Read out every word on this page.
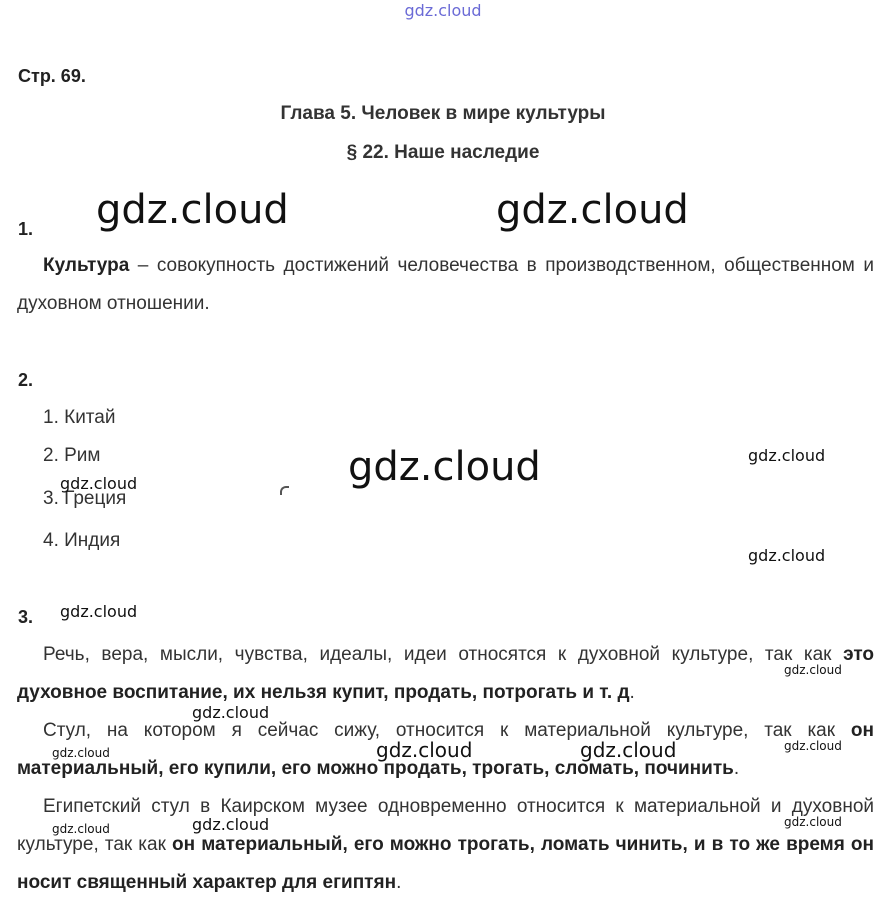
gdz.cloud
Стр. 69.
Глава 5. Человек в мире культуры
§ 22. Наше наследие
1.

Культура – совокупность достижений человечества в производственном, общественном и духовном отношении.

2.
1. Китай
2. Рим
3. Греция
4. Индия
3.

Речь, вера, мысли, чувства, идеалы, идеи относятся к духовной культуре, так как это духовное воспитание, их нельзя купит, продать, потрогать и т. д.

Стул, на котором я сейчас сижу, относится к материальной культуре, так как он материальный, его купили, его можно продать, трогать, сломать, починить.

Египетский стул в Каирском музее одновременно относится к материальной и духовной культуре, так как он материальный, его можно трогать, ломать чинить, и в то же время он носит священный характер для египтян.

gdz.cloud	gdz.cloud
gdz.cloud	gdz.cloud
gdz.cloud
gdz.cloud
gdz.cloud
gdz.cloud
gdz.cloud
gdz.cloud	gdz.cloud
gdz.cloud	gdz.cloud
gdz.cloud
gdz.cloud	gdz.cloud
